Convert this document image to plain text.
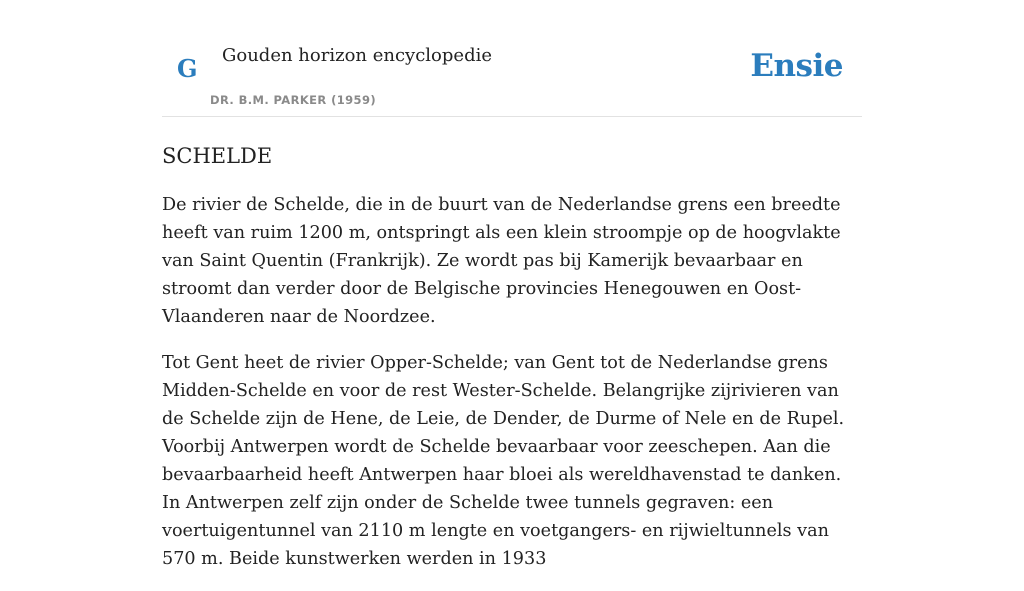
G Gouden horizon encyclopedie
DR. B.M. PARKER (1959)
Ensie
SCHELDE

De rivier de Schelde, die in de buurt van de Nederlandse grens een breedte heeft van ruim 1200 m, ontspringt als een klein stroompje op de hoogvlakte van Saint Quentin (Frankrijk). Ze wordt pas bij Kamerijk bevaarbaar en stroomt dan verder door de Belgische provincies Henegouwen en Oost-Vlaanderen naar de Noordzee.

Tot Gent heet de rivier Opper-Schelde; van Gent tot de Nederlandse grens Midden-Schelde en voor de rest Wester-Schelde. Belangrijke zijrivieren van de Schelde zijn de Hene, de Leie, de Dender, de Durme of Nele en de Rupel. Voorbij Antwerpen wordt de Schelde bevaarbaar voor zeeschepen. Aan die bevaarbaarheid heeft Antwerpen haar bloei als wereldhavenstad te danken. In Antwerpen zelf zijn onder de Schelde twee tunnels gegraven: een voertuigentunnel van 2110 m lengte en voetgangers- en rijwieltunnels van 570 m. Beide kunstwerken werden in 1933
